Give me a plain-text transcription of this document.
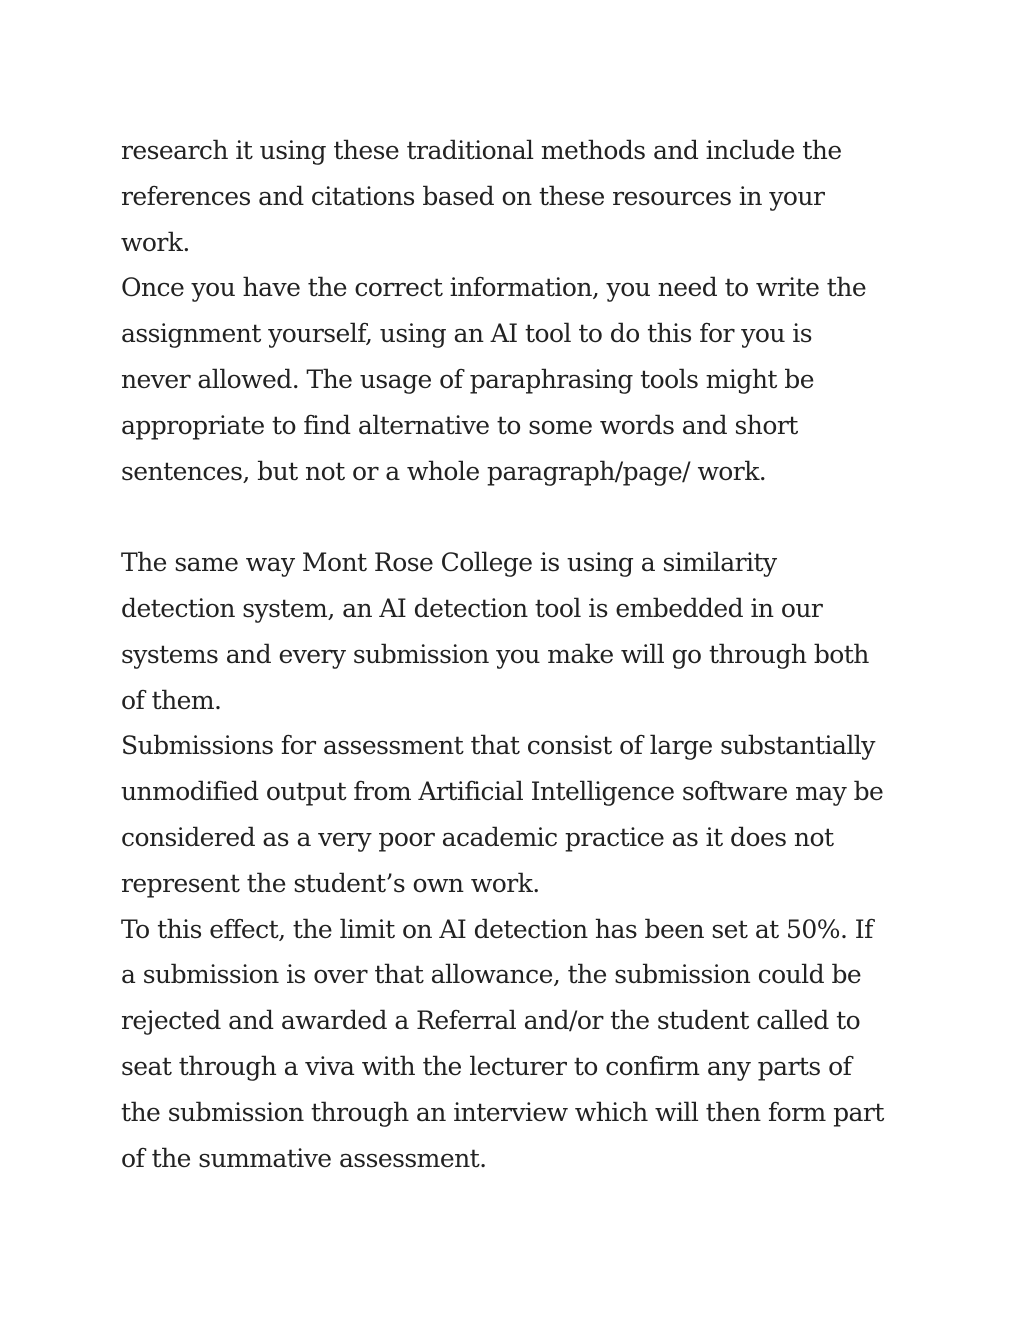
research it using these traditional methods and include the
references and citations based on these resources in your
work.
Once you have the correct information, you need to write the
assignment yourself, using an AI tool to do this for you is
never allowed. The usage of paraphrasing tools might be
appropriate to find alternative to some words and short
sentences, but not or a whole paragraph/page/ work.
The same way Mont Rose College is using a similarity
detection system, an AI detection tool is embedded in our
systems and every submission you make will go through both
of them.
Submissions for assessment that consist of large substantially
unmodified output from Artificial Intelligence software may be
considered as a very poor academic practice as it does not
represent the student’s own work.
To this effect, the limit on AI detection has been set at 50%. If
a submission is over that allowance, the submission could be
rejected and awarded a Referral and/or the student called to
seat through a viva with the lecturer to confirm any parts of
the submission through an interview which will then form part
of the summative assessment.
